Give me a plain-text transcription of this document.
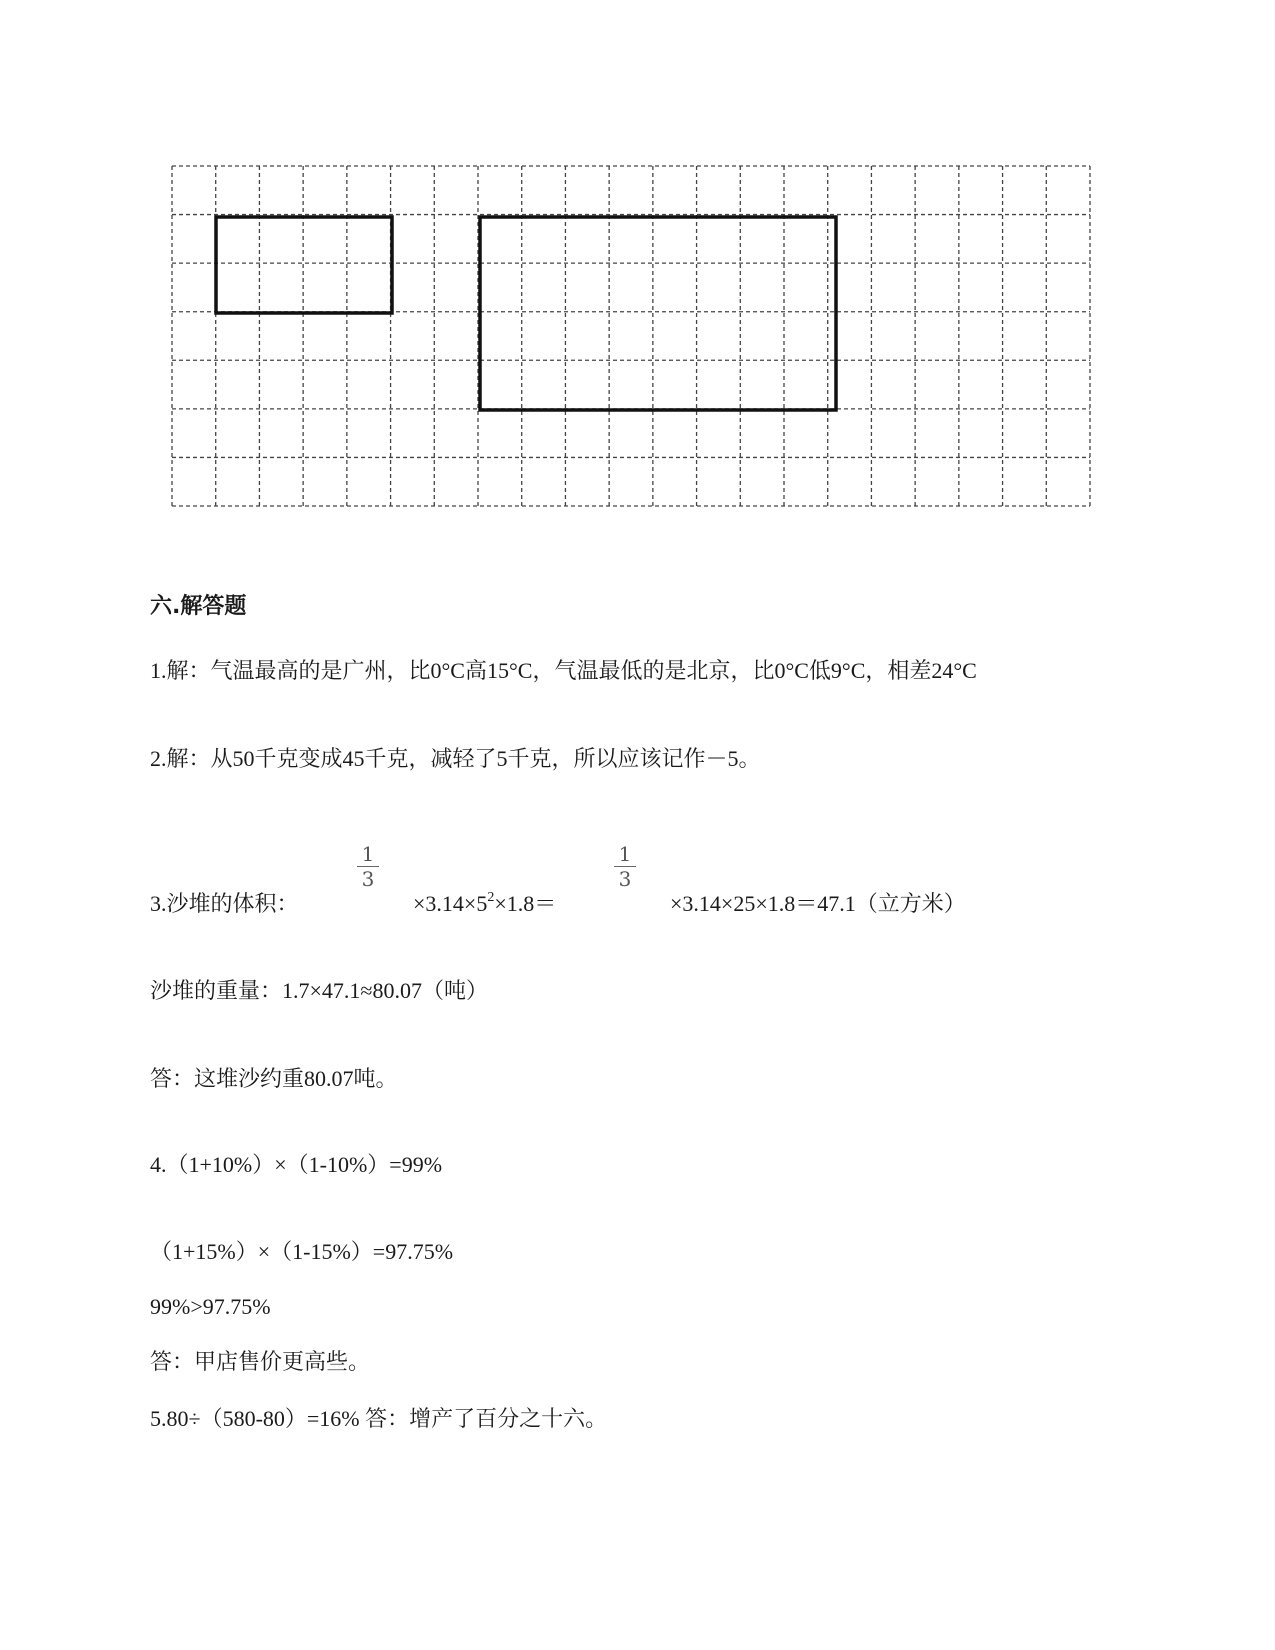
六.解答题
1.解：气温最高的是广州，比0°C高15°C，气温最低的是北京，比0°C低9°C，相差24°C
2.解：从50千克变成45千克，减轻了5千克，所以应该记作－5。
1
3
1
3
3.沙堆的体积：	$\times 3.14\times 5^2\times 1.8=$	×3.14×25×1.8＝47.1（立方米）
沙堆的重量：1.7×47.1≈80.07（吨）
答：这堆沙约重80.07吨。
4.（1+10%）×（1-10%）=99%
（1+15%）×（1-15%）=97.75%
99%>97.75%
答：甲店售价更高些。
5.80÷（580-80）=16% 答：增产了百分之十六。
